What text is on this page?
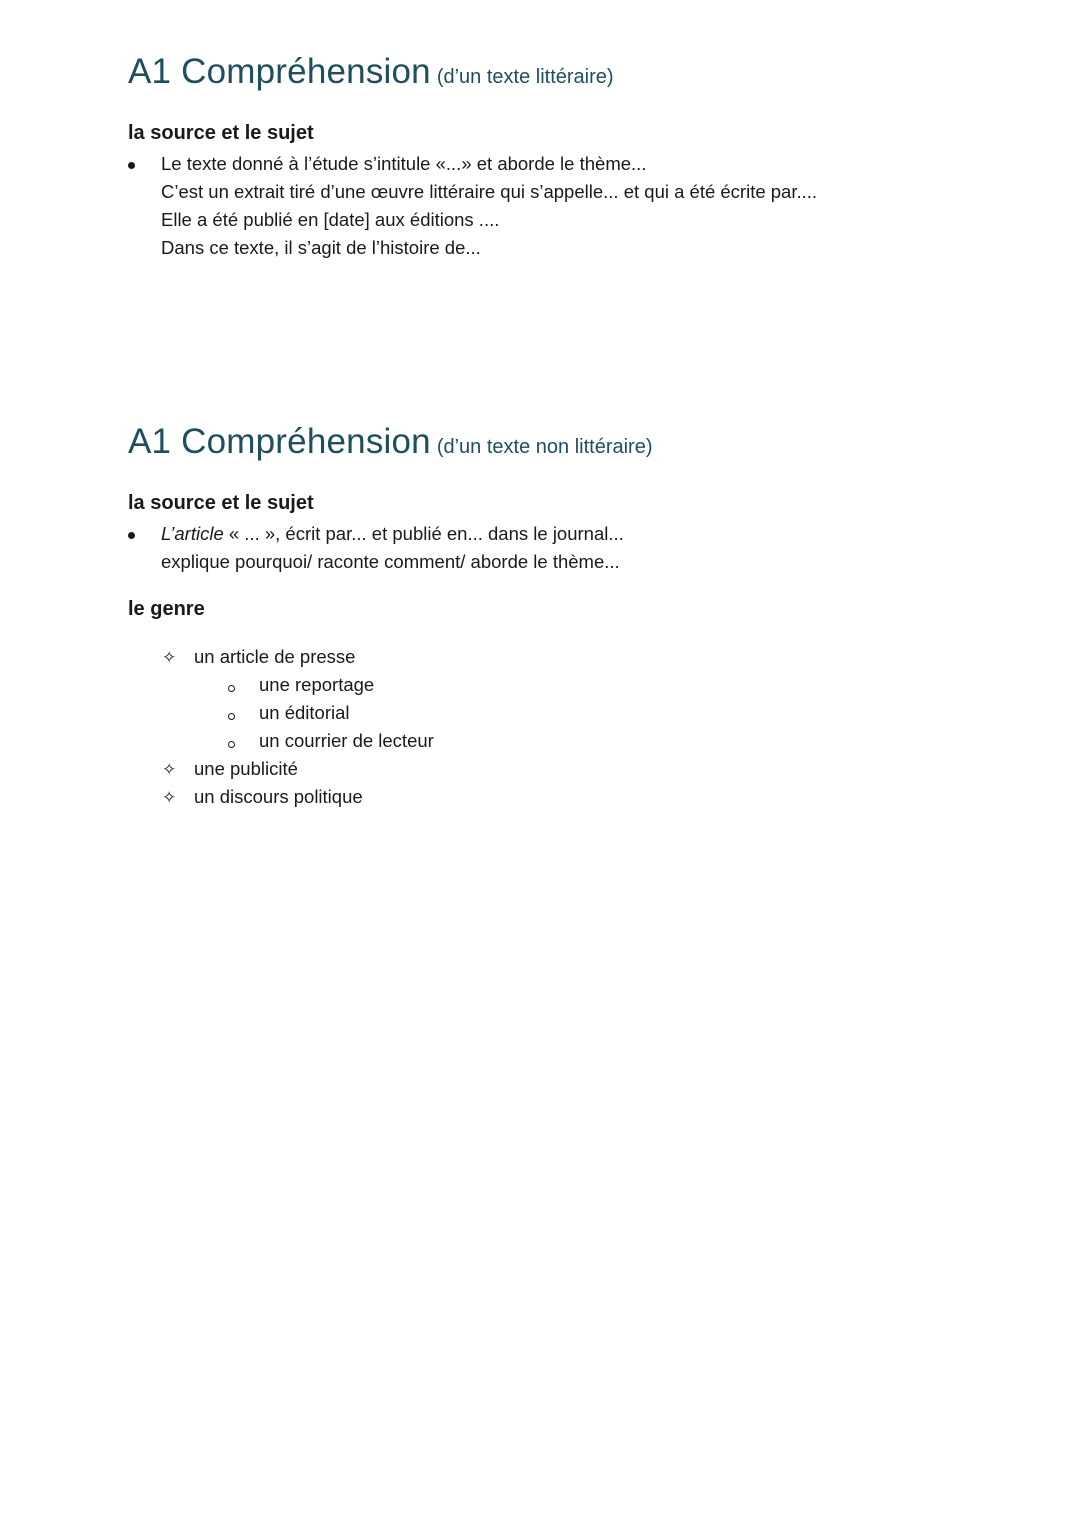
A1 Compréhension (d’un texte littéraire)
la source et le sujet
Le texte donné à l’étude s’intitule «...» et aborde le thème...
C’est un extrait tiré d’une œuvre littéraire qui s’appelle... et qui a été écrite par....
Elle a été publié en [date] aux éditions ....
Dans ce texte, il s’agit de l’histoire de...
A1 Compréhension (d’un texte non littéraire)
la source et le sujet
L’article « ... », écrit par... et publié en... dans le journal...
explique pourquoi/ raconte comment/ aborde le thème...
le genre
✧ un article de presse
une reportage
un éditorial
un courrier de lecteur
✧ une publicité
✧ un discours politique
